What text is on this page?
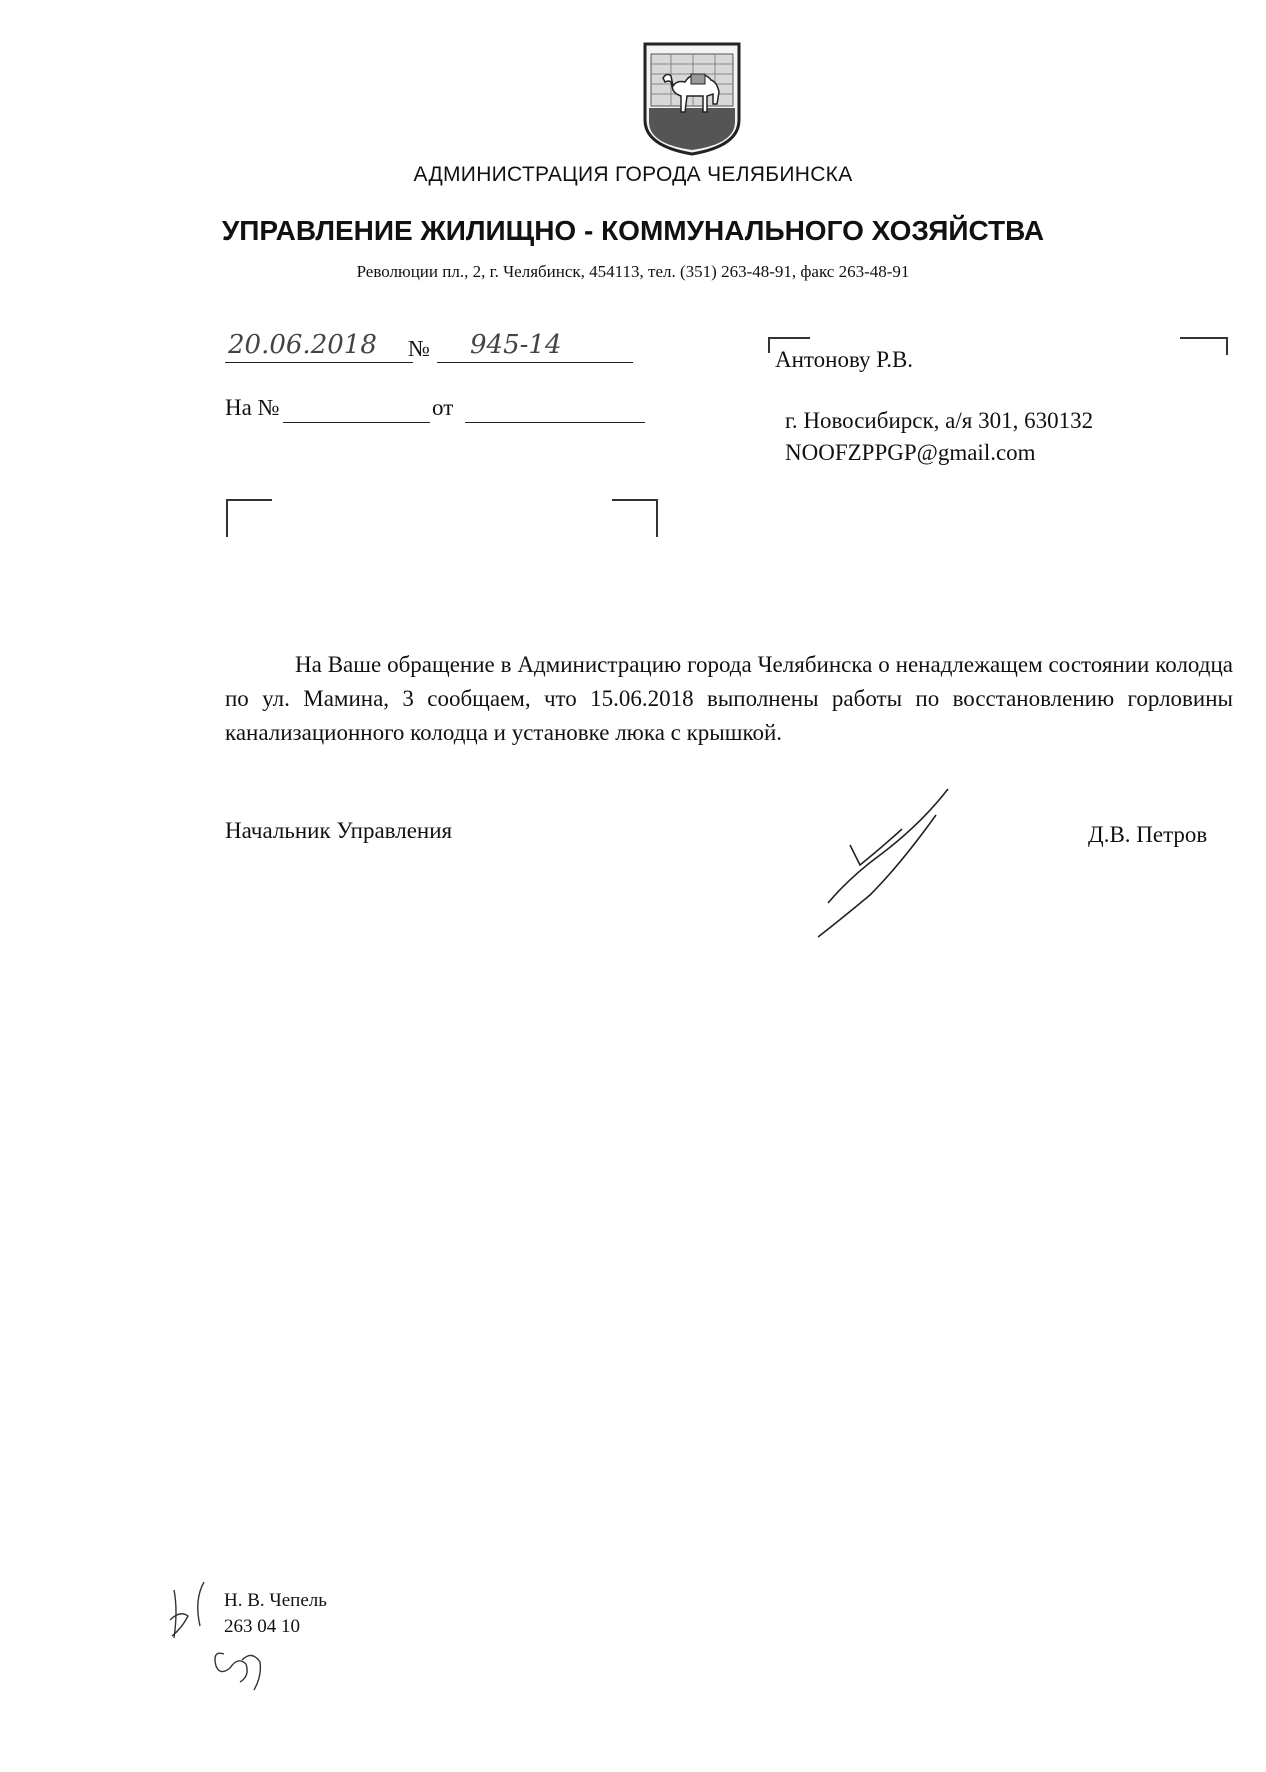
АДМИНИСТРАЦИЯ ГОРОДА ЧЕЛЯБИНСКА
УПРАВЛЕНИЕ ЖИЛИЩНО - КОММУНАЛЬНОГО ХОЗЯЙСТВА
Революции пл., 2, г. Челябинск, 454113, тел. (351) 263-48-91, факс 263-48-91
20.06.2018	№ 945-14
На №	от
Антонову Р.В.
г. Новосибирск, а/я 301, 630132
NOOFZPPGP@gmail.com
На Ваше обращение в Администрацию города Челябинска о ненадлежащем состоянии колодца по ул. Мамина, 3 сообщаем, что 15.06.2018 выполнены работы по восстановлению горловины канализационного колодца и установке люка с крышкой.
Начальник Управления	Д.В. Петров
Н. В. Чепель
263 04 10
